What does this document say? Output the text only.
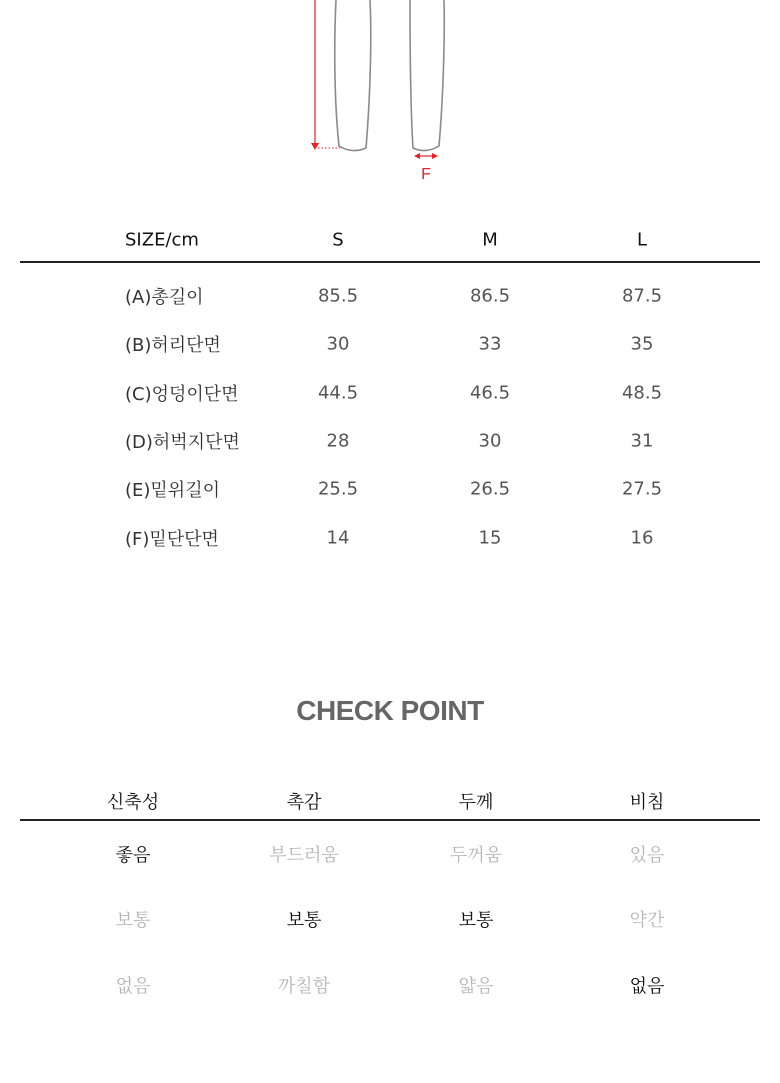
F
SIZE/cm	S	M	L
(A)총길이	85.5	86.5	87.5
(B)허리단면	30	33	35
(C)엉덩이단면	44.5	46.5	48.5
(D)허벅지단면	28	30	31
(E)밑위길이	25.5	26.5	27.5
(F)밑단단면	14	15	16
CHECK POINT
신축성	촉감	두께	비침
좋음	부드러움	두꺼움	있음
보통	보통	보통	약간
없음	까칠함	얇음	없음
